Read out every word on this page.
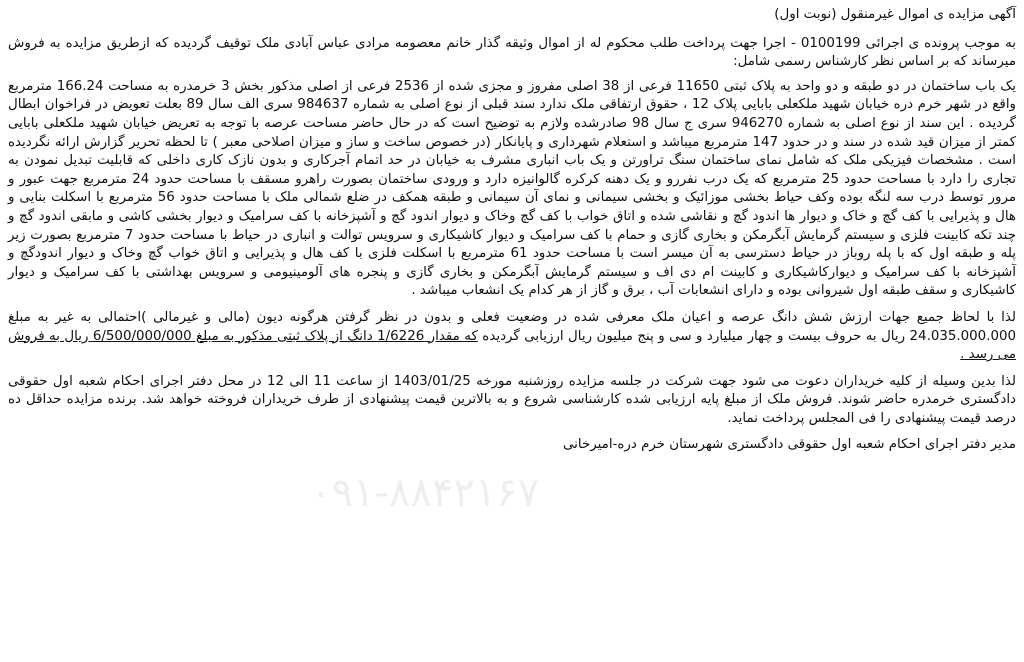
آگهی مزایده ی اموال غیرمنقول (نوبت اول)
به موجب پرونده ی اجرائی 0100199 - اجرا جهت پرداخت طلب محکوم له از اموال وثیقه گذار خانم معصومه مرادی عباس آبادی ملک توقیف گردیده که ازطریق مزایده به فروش میرساند که بر اساس نظر کارشناس رسمی شامل:
یک باب ساختمان در دو طبقه و دو واحد به پلاک ثبتی 11650 فرعی از 38 اصلی مفروز و مجزی شده از 2536 فرعی از اصلی مذکور بخش 3 خرمدره به مساحت 166.24 مترمربع واقع در شهر خرم دره خیابان شهید ملکعلی بابایی پلاک 12 ، حقوق ارتفاقی ملک ندارد سند قبلی از نوع اصلی به شماره 984637 سری الف سال 89 بعلت تعویض در فراخوان ابطال گردیده . این سند از نوع اصلی به شماره 946270 سری ج سال 98 صادرشده ولازم به توضیح است که در حال حاضر مساحت عرصه با توجه به تعریض خیابان شهید ملکعلی بابایی کمتر از میزان قید شده در سند و در حدود 147 مترمربع میباشد و استعلام شهرداری و پایانکار (در خصوص ساخت و ساز و میزان اصلاحی معبر ) تا لحظه تحریر گزارش ارائه نگردیده است . مشخصات فیزیکی ملک که شامل نمای ساختمان سنگ تراورتن و یک باب انباری مشرف به خیابان در حد اتمام آجرکاری و بدون نازک کاری داخلی که قابلیت تبدیل نمودن به تجاری را دارد با مساحت حدود 25 مترمربع که یک درب نفررو و یک دهنه کرکره گالوانیزه دارد و ورودی ساختمان بصورت راهرو مسقف با مساحت حدود 24 مترمربع جهت عبور و مرور توسط درب سه لنگه بوده وکف حیاط بخشی موزائیک و بخشی سیمانی و نمای آن سیمانی و طبقه همکف در ضلع شمالی ملک با مساحت حدود 56 مترمربع با اسکلت بنایی و هال و پذیرایی با کف گچ و خاک و دیوار ها اندود گچ و نقاشی شده و اتاق خواب با کف گچ وخاک و دیوار اندود گچ و آشپزخانه با کف سرامیک و دیوار بخشی کاشی و مابقی اندود گچ و چند تکه کابینت فلزی و سیستم گرمایش آبگرمکن و بخاری گازی و حمام با کف سرامیک و دیوار کاشیکاری و سرویس توالت و انباری در حیاط با مساحت حدود 7 مترمربع بصورت زیر پله و طبقه اول که با پله روباز در حیاط دسترسی به آن میسر است با مساحت حدود 61 مترمربع با اسکلت فلزی با کف هال و پذیرایی و اتاق خواب گچ وخاک و دیوار اندودگچ و آشپزخانه با کف سرامیک و دیوارکاشیکاری و کابینت ام دی اف و سیستم گرمایش آبگرمکن و بخاری گازی و پنجره های آلومینیومی و سرویس بهداشتی با کف سرامیک و دیوار کاشیکاری و سقف طبقه اول شیروانی بوده و دارای انشعابات آب ، برق و گاز از هر کدام یک انشعاب میباشد .
لذا با لحاظ جمیع جهات ارزش شش دانگ عرصه و اعیان ملک معرفی شده در وضعیت فعلی و بدون در نظر گرفتن هرگونه دیون (مالی و غیرمالی )احتمالی به غیر به مبلغ 24.035.000.000 ریال به حروف بیست و چهار میلیارد و سی و پنج میلیون ریال ارزیابی گردیده که مقدار 1/6226 دانگ از پلاک ثبتی مذکور به مبلغ 6/500/000/000 ریال به فروش می رسد .
لذا بدین وسیله از کلیه خریداران دعوت می شود جهت شرکت در جلسه مزایده روزشنبه مورخه 1403/01/25 از ساعت 11 الی 12 در محل دفتر اجرای احکام شعبه اول حقوقی دادگستری خرمدره حاضر شوند. فروش ملک از مبلغ پایه ارزیابی شده کارشناسی شروع و به بالاترین قیمت پیشنهادی از طرف خریداران فروخته خواهد شد. برنده مزایده حداقل ده درصد قیمت پیشنهادی را فی المجلس پرداخت نماید.
مدیر دفتر اجرای احکام شعبه اول حقوقی دادگستری شهرستان خرم دره-امیرخانی
۰۹۱-۸۸۴۲۱۶۷
